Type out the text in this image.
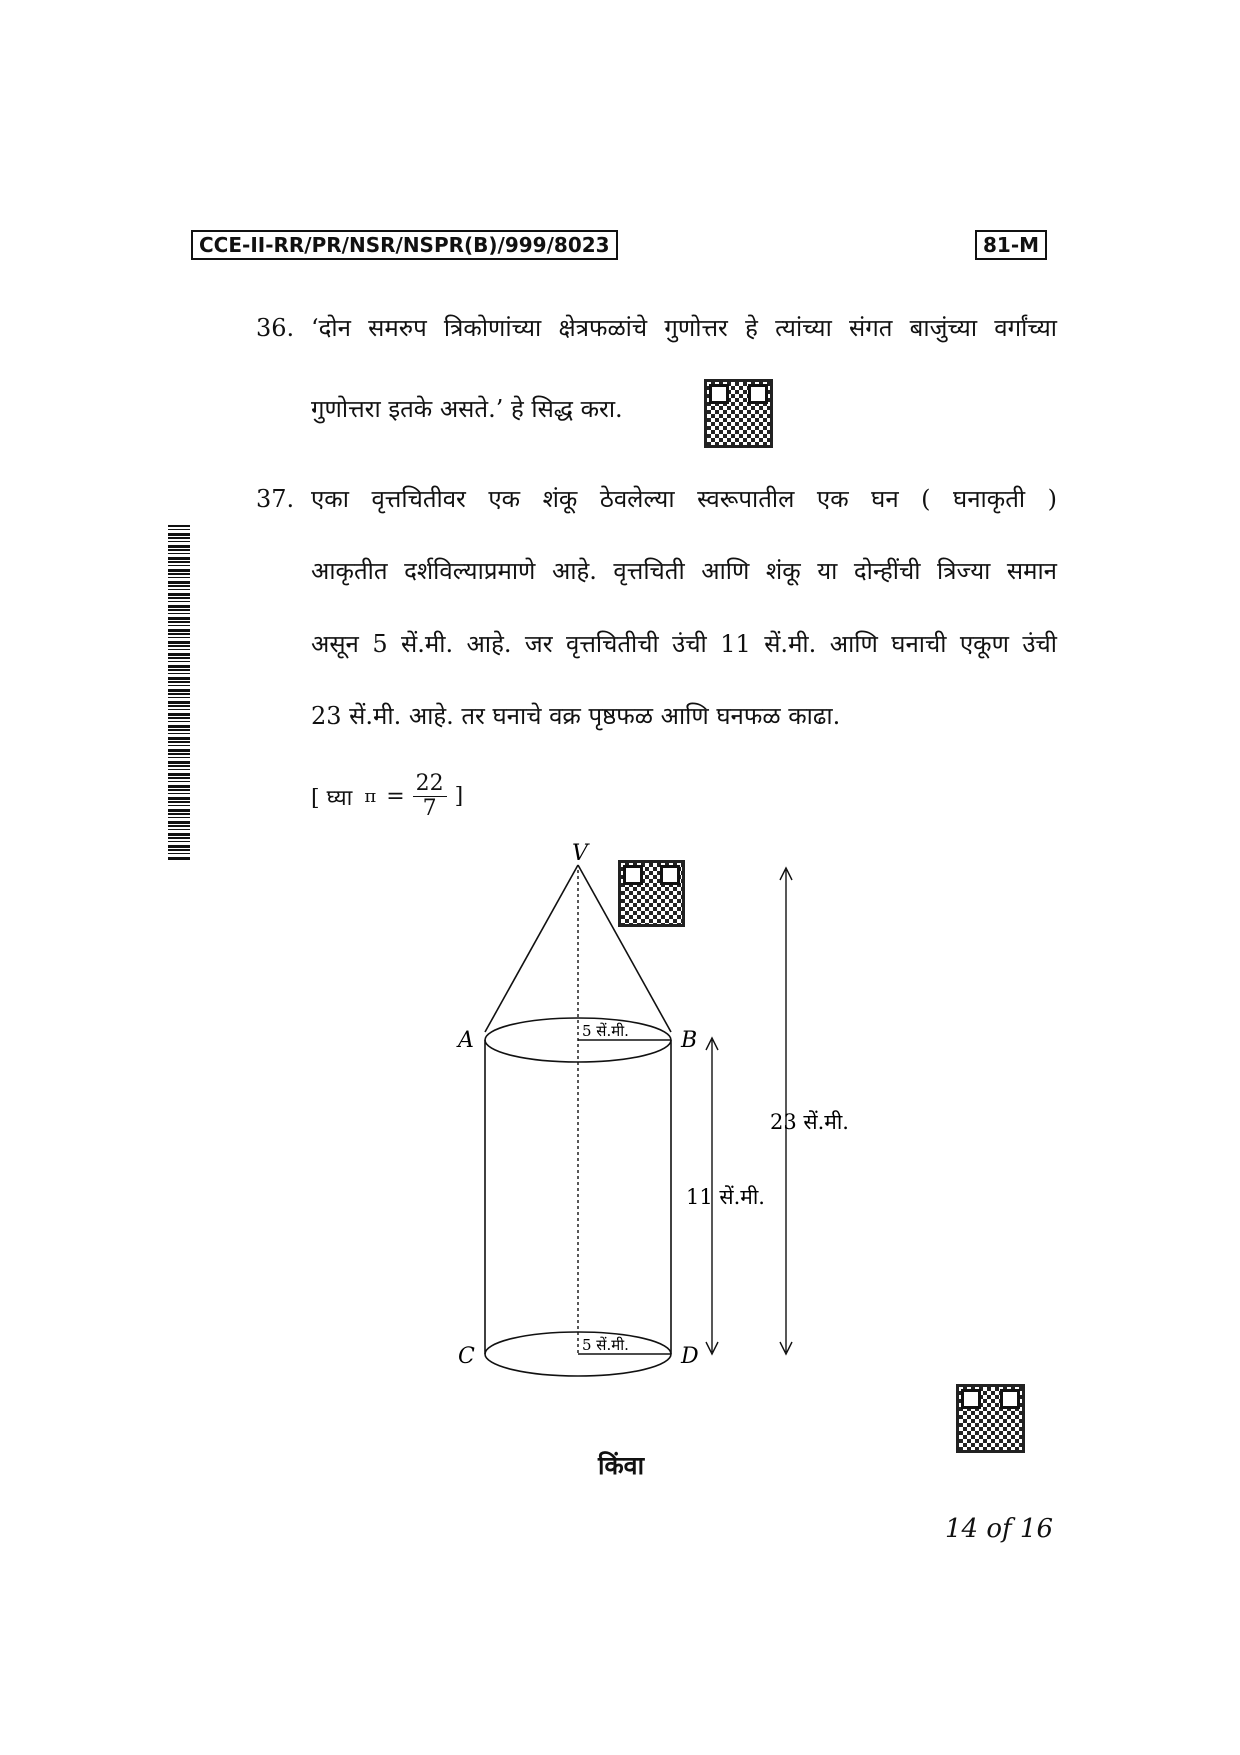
CCE-II-RR/PR/NSR/NSPR(B)/999/8023	81-M
36. ‘दोन समरुप त्रिकोणांच्या क्षेत्रफळांचे गुणोत्तर हे त्यांच्या संगत बाजुंच्या वर्गांच्या
गुणोत्तरा इतके असते.’ हे सिद्ध करा.
37. एका वृत्तचितीवर एक शंकू ठेवलेल्या स्वरूपातील एक घन ( घनाकृती )
आकृतीत दर्शविल्याप्रमाणे आहे. वृत्तचिती आणि शंकू या दोन्हींची त्रिज्या समान
असून 5 सें.मी. आहे. जर वृत्तचितीची उंची 11 सें.मी. आणि घनाची एकूण उंची
23 सें.मी. आहे. तर घनाचे वक्र पृष्ठफळ आणि घनफळ काढा.
[ घ्या $\pi = \frac{22}{7}$ ]
V
A	B
C	D
5 सें.मी.
5 सें.मी.
11 सें.मी.
23 सें.मी.
किंवा
14 of 16
